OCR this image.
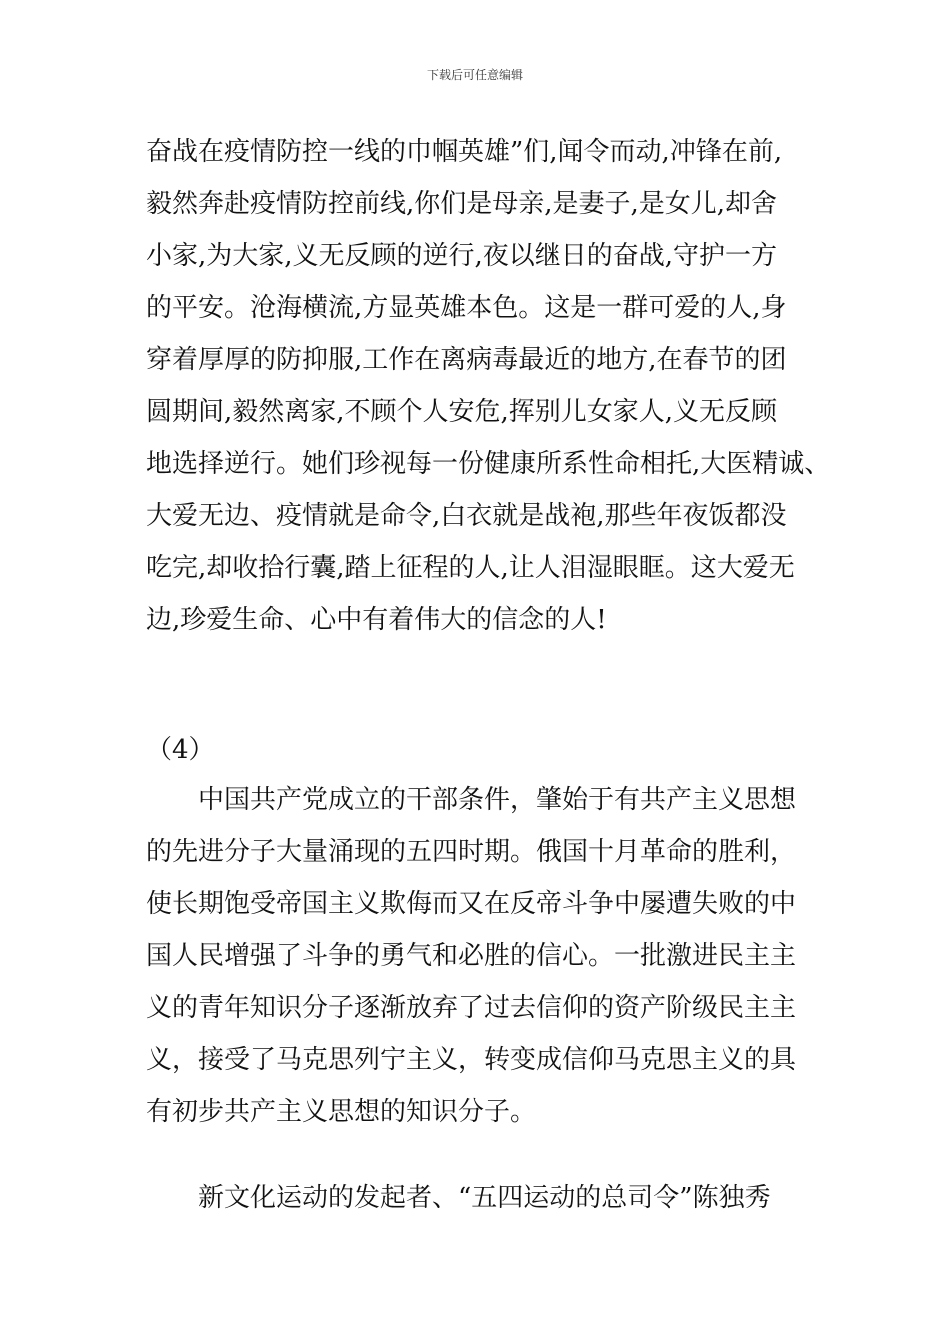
下载后可任意编辑
奋战在疫情防控一线的巾帼英雄”们,闻令而动,冲锋在前,
毅然奔赴疫情防控前线,你们是母亲,是妻子,是女儿,却舍
小家,为大家,义无反顾的逆行,夜以继日的奋战,守护一方
的平安。沧海横流,方显英雄本色。这是一群可爱的人,身
穿着厚厚的防抑服,工作在离病毒最近的地方,在春节的团
圆期间,毅然离家,不顾个人安危,挥别儿女家人,义无反顾
地选择逆行。她们珍视每一份健康所系性命相托,大医精诚、
大爱无边、疫情就是命令,白衣就是战袍,那些年夜饭都没
吃完,却收拾行囊,踏上征程的人,让人泪湿眼眶。这大爱无
边,珍爱生命、心中有着伟大的信念的人!
（4）
　　中国共产党成立的干部条件，肇始于有共产主义思想
的先进分子大量涌现的五四时期。俄国十月革命的胜利，
使长期饱受帝国主义欺侮而又在反帝斗争中屡遭失败的中
国人民增强了斗争的勇气和必胜的信心。一批激进民主主
义的青年知识分子逐渐放弃了过去信仰的资产阶级民主主
义，接受了马克思列宁主义，转变成信仰马克思主义的具
有初步共产主义思想的知识分子。
　　新文化运动的发起者、“五四运动的总司令”陈独秀
